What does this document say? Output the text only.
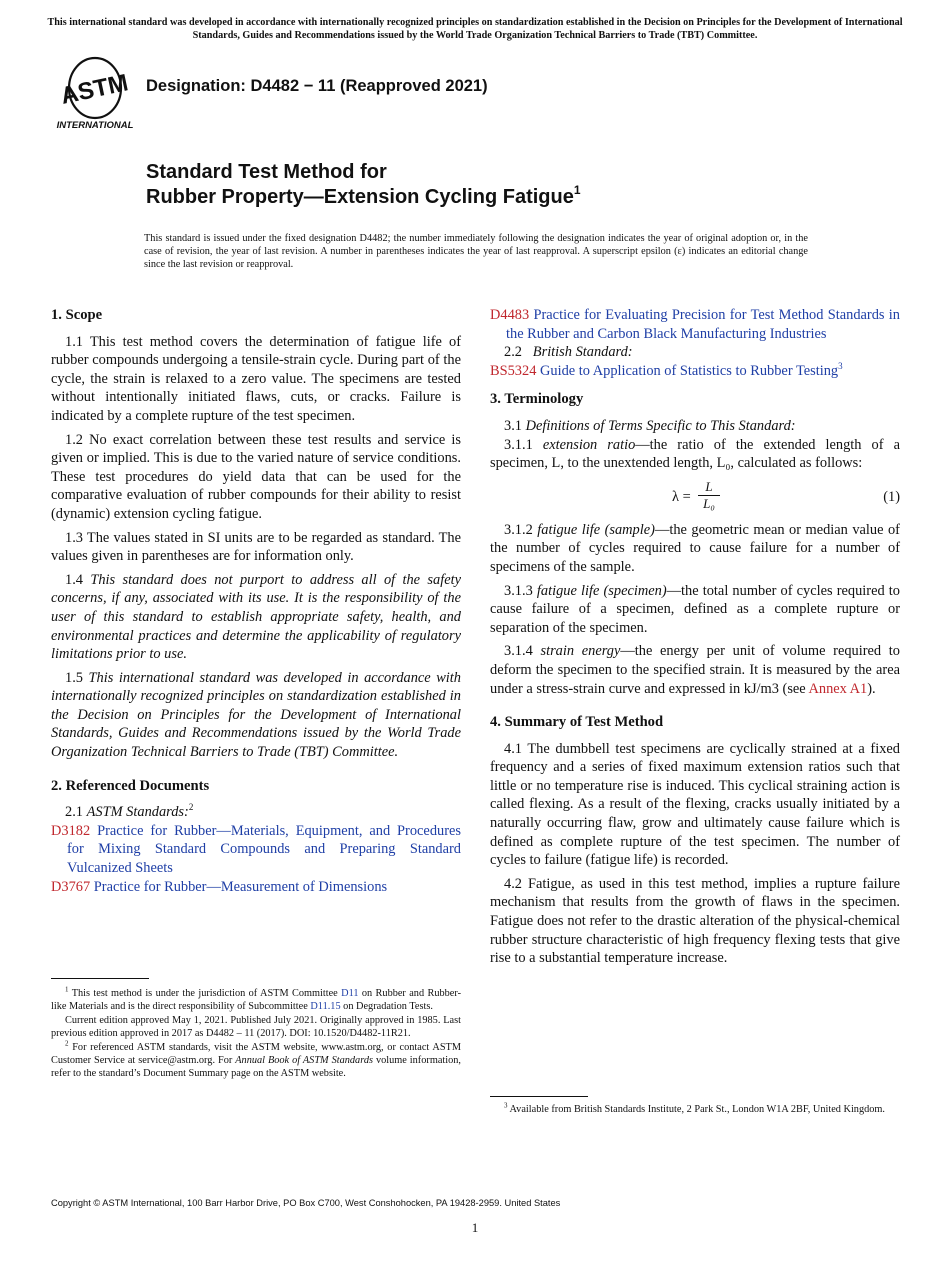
This international standard was developed in accordance with internationally recognized principles on standardization established in the Decision on Principles for the Development of International Standards, Guides and Recommendations issued by the World Trade Organization Technical Barriers to Trade (TBT) Committee.
ASTM
INTERNATIONAL
Designation: D4482 − 11 (Reapproved 2021)
Standard Test Method for
Rubber Property—Extension Cycling Fatigue$^1$
This standard is issued under the fixed designation D4482; the number immediately following the designation indicates the year of original adoption or, in the case of revision, the year of last revision. A number in parentheses indicates the year of last reapproval. A superscript epsilon (ε) indicates an editorial change since the last revision or reapproval.
1. Scope

1.1 This test method covers the determination of fatigue life of rubber compounds undergoing a tensile-strain cycle. During part of the cycle, the strain is relaxed to a zero value. The specimens are tested without intentionally initiated flaws, cuts, or cracks. Failure is indicated by a complete rupture of the test specimen.

1.2 No exact correlation between these test results and service is given or implied. This is due to the varied nature of service conditions. These test procedures do yield data that can be used for the comparative evaluation of rubber compounds for their ability to resist (dynamic) extension cycling fatigue.

1.3 The values stated in SI units are to be regarded as standard. The values given in parentheses are for information only.

1.4 This standard does not purport to address all of the safety concerns, if any, associated with its use. It is the responsibility of the user of this standard to establish appropriate safety, health, and environmental practices and determine the applicability of regulatory limitations prior to use.

1.5 This international standard was developed in accordance with internationally recognized principles on standardization established in the Decision on Principles for the Development of International Standards, Guides and Recommendations issued by the World Trade Organization Technical Barriers to Trade (TBT) Committee.

2. Referenced Documents

2.1 ASTM Standards:$^2$

D3182 Practice for Rubber—Materials, Equipment, and Procedures for Mixing Standard Compounds and Preparing Standard Vulcanized Sheets
D3767 Practice for Rubber—Measurement of Dimensions

$^1$ This test method is under the jurisdiction of ASTM Committee D11 on Rubber and Rubber-like Materials and is the direct responsibility of Subcommittee D11.15 on Degradation Tests.

Current edition approved May 1, 2021. Published July 2021. Originally approved in 1985. Last previous edition approved in 2017 as D4482 – 11 (2017). DOI: 10.1520/D4482-11R21.

$^2$ For referenced ASTM standards, visit the ASTM website, www.astm.org, or contact ASTM Customer Service at service@astm.org. For Annual Book of ASTM Standards volume information, refer to the standard’s Document Summary page on the ASTM website.

D4483 Practice for Evaluating Precision for Test Method Standards in the Rubber and Carbon Black Manufacturing Industries

2.2 British Standard:

BS5324 Guide to Application of Statistics to Rubber Testing$^3$
3. Terminology

3.1 Definitions of Terms Specific to This Standard:

3.1.1 extension ratio—the ratio of the extended length of a specimen, L, to the unextended length, L₀, calculated as follows:

$\lambda = \frac{L}{\text{L₀}}$	(1)

3.1.2 fatigue life (sample)—the geometric mean or median value of the number of cycles required to cause failure for a number of specimens of the sample.

3.1.3 fatigue life (specimen)—the total number of cycles required to cause failure of a specimen, defined as a complete rupture or separation of the specimen.

3.1.4 strain energy—the energy per unit of volume required to deform the specimen to the specified strain. It is measured by the area under a stress-strain curve and expressed in kJ/m3 (see Annex A1).

4. Summary of Test Method

4.1 The dumbbell test specimens are cyclically strained at a fixed frequency and a series of fixed maximum extension ratios such that little or no temperature rise is induced. This cyclical straining action is called flexing. As a result of the flexing, cracks usually initiated by a naturally occurring flaw, grow and ultimately cause failure which is defined as complete rupture of the test specimen. The number of cycles to failure (fatigue life) is recorded.

4.2 Fatigue, as used in this test method, implies a rupture failure mechanism that results from the growth of flaws in the specimen. Fatigue does not refer to the drastic alteration of the physical-chemical rubber structure characteristic of high frequency flexing tests that give rise to a substantial temperature increase.

$^3$ Available from British Standards Institute, 2 Park St., London W1A 2BF, United Kingdom.

Copyright © ASTM International, 100 Barr Harbor Drive, PO Box C700, West Conshohocken, PA 19428-2959. United States
1
